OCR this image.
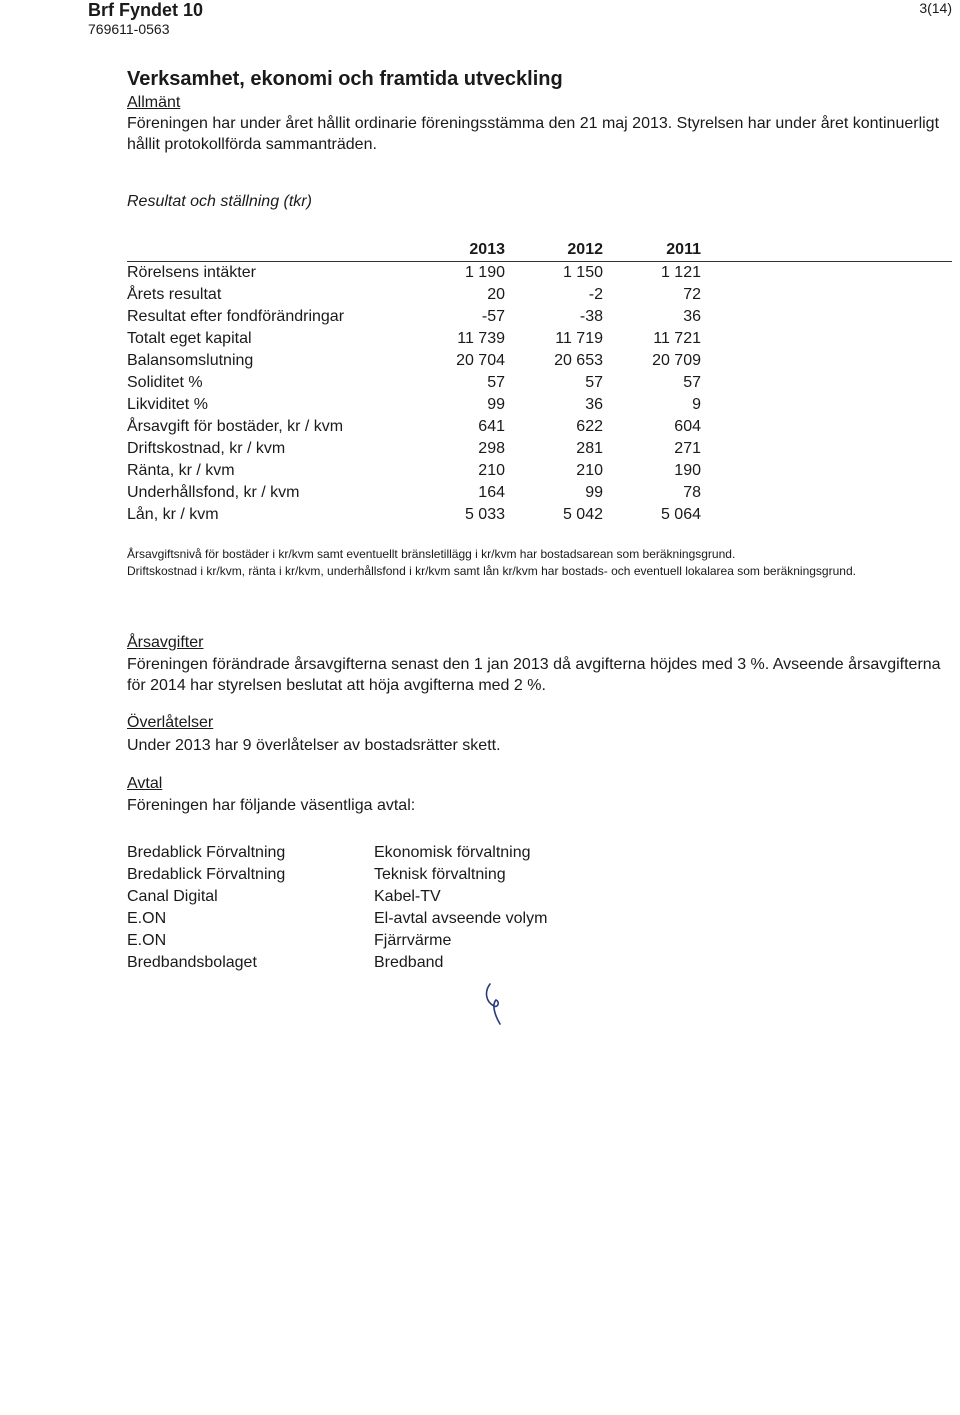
Brf Fyndet 10
769611-0563
3(14)
Verksamhet, ekonomi och framtida utveckling
Allmänt
Föreningen har under året hållit ordinarie föreningsstämma den 21 maj 2013. Styrelsen har under året kontinuerligt hållit protokollförda sammanträden.
Resultat och ställning (tkr)
	2013	2012	2011
Rörelsens intäkter	1 190	1 150	1 121
Årets resultat	20	-2	72
Resultat efter fondförändringar	-57	-38	36
Totalt eget kapital	11 739	11 719	11 721
Balansomslutning	20 704	20 653	20 709
Soliditet %	57	57	57
Likviditet %	99	36	9
Årsavgift för bostäder, kr / kvm	641	622	604
Driftskostnad, kr / kvm	298	281	271
Ränta, kr / kvm	210	210	190
Underhållsfond, kr / kvm	164	99	78
Lån, kr / kvm	5 033	5 042	5 064
Årsavgiftsnivå för bostäder i kr/kvm samt eventuellt bränsletillägg i kr/kvm har bostadsarean som beräkningsgrund.
Driftskostnad i kr/kvm, ränta i kr/kvm, underhållsfond i kr/kvm samt lån kr/kvm har bostads- och eventuell lokalarea som beräkningsgrund.
Årsavgifter
Föreningen förändrade årsavgifterna senast den 1 jan 2013 då avgifterna höjdes med 3 %. Avseende årsavgifterna för 2014 har styrelsen beslutat att höja avgifterna med 2 %.
Överlåtelser
Under 2013 har 9 överlåtelser av bostadsrätter skett.
Avtal
Föreningen har följande väsentliga avtal:
Bredablick Förvaltning	Ekonomisk förvaltning
Bredablick Förvaltning	Teknisk förvaltning
Canal Digital	Kabel-TV
E.ON	El-avtal avseende volym
E.ON	Fjärrvärme
Bredbandsbolaget	Bredband
